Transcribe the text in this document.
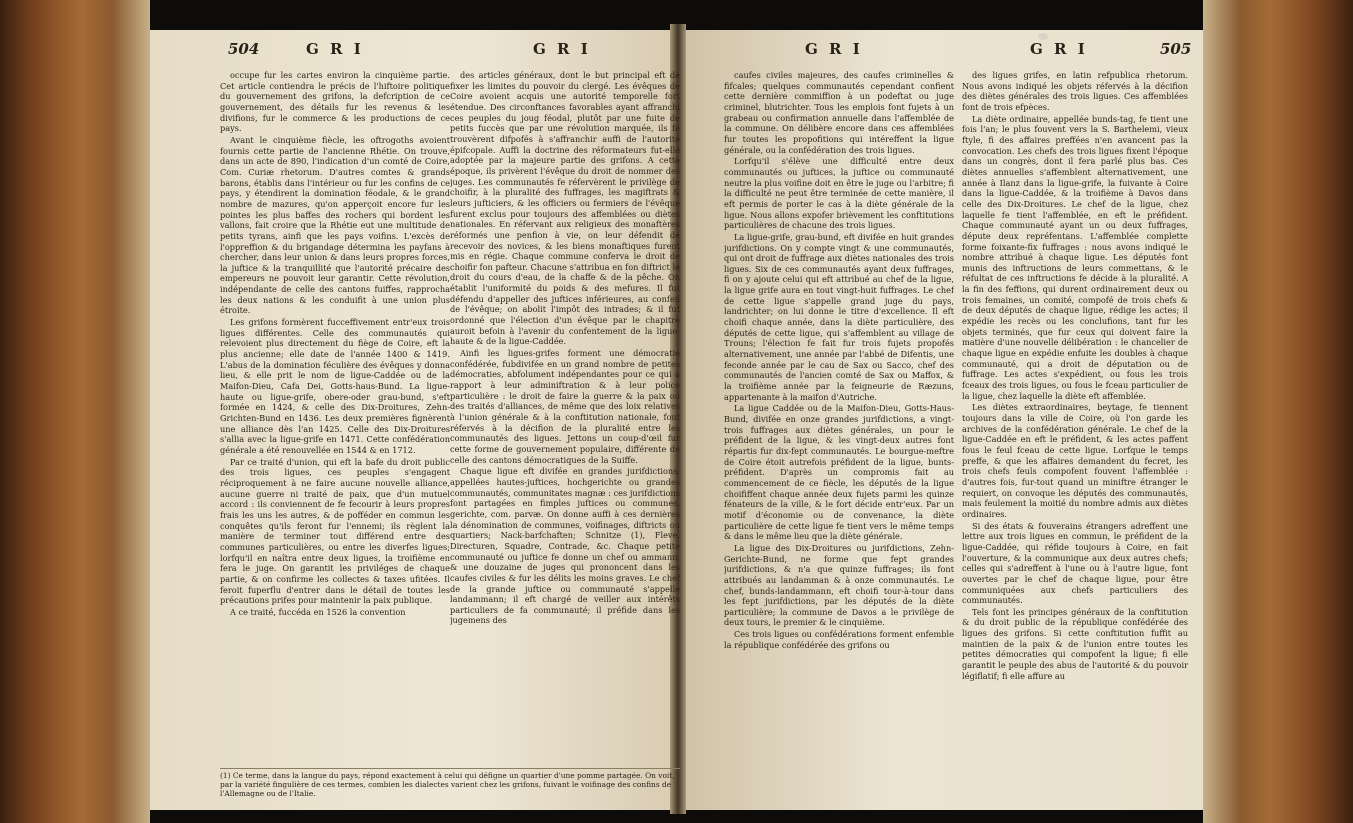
504	G R I	G R I	G R I	G R I	505

occupe fur les cartes environ la cinquième partie. Cet article contiendra le précis de l'hiftoire politique du gouvernement des grifons, la defcription de ce gouvernement, des détails fur les revenus & les divifions, fur le commerce & les productions de ce pays.

Avant le cinquième fiècle, les oftrogoths avoient fournis cette partie de l'ancienne Rhétie. On trouve, dans un acte de 890, l'indication d'un comté de Coire, Com. Curiæ rhetorum. D'autres comtes & grands barons, établis dans l'intérieur ou fur les confins de ce pays, y étendirent la domination féodale, & le grand nombre de mazures, qu'on apperçoit encore fur les pointes les plus baffes des rochers qui bordent les vallons, fait croire que la Rhétie eut une multitude de petits tyrans, ainfi que les pays voifins. L'excès de l'oppreffion & du brigandage détermina les payfans à chercher, dans leur union & dans leurs propres forces, la juftice & la tranquillité que l'autorité précaire des empereurs ne pouvoit leur garantir. Cette révolution, indépendante de celle des cantons fuiffes, rapprocha les deux nations & les conduifit à une union plus étroite.

Les grifons formèrent fucceffivement entr'eux trois ligues différentes. Celle des communautés qui relevoient plus directement du fiège de Coire, eft la plus ancienne; elle date de l'année 1400 & 1419. L'abus de la domination féculière des évêques y donna lieu, & elle prit le nom de ligue-Caddée ou de la Maifon-Dieu, Cafa Dei, Gotts-haus-Bund. La ligue-haute ou ligue-grife, obere-oder grau-bund, s'eft formée en 1424, & celle des Dix-Droitures, Zehn-Grichten-Bund en 1436. Les deux premières fignèrent une alliance dès l'an 1425. Celle des Dix-Droitures s'allia avec la ligue-grife en 1471. Cette confédération générale a été renouvellée en 1544 & en 1712.

Par ce traité d'union, qui eft la bafe du droit public des trois ligues, ces peuples s'engagent réciproquement à ne faire aucune nouvelle alliance, aucune guerre ni traité de paix, que d'un mutuel accord : ils conviennent de fe fecourir à leurs propres frais les uns les autres, & de pofféder en commun les conquêtes qu'ils feront fur l'ennemi; ils règlent la manière de terminer tout différend entre des communes particulières, ou entre les diverfes ligues; lorfqu'il en naîtra entre deux ligues, la troifième en fera le juge. On garantit les priviléges de chaque partie, & on confirme les collectes & taxes ufitées. Il feroit fuperflu d'entrer dans le détail de toutes les précautions prifes pour maintenir la paix publique.

A ce traité, fuccéda en 1526 la convention

des articles généraux, dont le but principal eft de fixer les limites du pouvoir du clergé. Les évêques de Coire avoient acquis une autorité temporelle fort étendue. Des circonftances favorables ayant affranchi ces peuples du joug féodal, plutôt par une fuite de petits fuccès que par une révolution marquée, ils fe trouvèrent difpofés à s'affranchir auffi de l'autorité épifcopale. Auffi la doctrine des réformateurs fut-elle adoptée par la majeure partie des grifons. A cette époque, ils privèrent l'évêque du droit de nommer des juges. Les communautés fe réfervèrent le privilège de choifir, à la pluralité des fuffrages, les magiftrats & leurs jufticiers, & les officiers ou fermiers de l'évêque furent exclus pour toujours des affemblées ou diètes nationales. En réfervant aux religieux des monaftères réformés une penfion à vie, on leur défendit de recevoir des novices, & les biens monaftiques furent mis en régie. Chaque commune conferva le droit de choifir fon pafteur. Chacune s'attribua en fon diftrict le droit du cours d'eau, de la chaffe & de la pêche. On établit l'uniformité du poids & des mefures. Il fut défendu d'appeller des juftices inférieures, au confeil de l'évêque; on abolit l'impôt des intrades; & il fut ordonné que l'élection d'un évêque par le chapitre auroit befoin à l'avenir du confentement de la ligue-haute & de la ligue-Caddée.

Ainfi les ligues-grifes forment une démocratie confédérée, fubdivifée en un grand nombre de petites démocraties, abfolument indépendantes pour ce qui a rapport à leur adminiftration & à leur police particulière : le droit de faire la guerre & la paix ou des traités d'alliances, de même que des loix relatives à l'union générale & à la conftitution nationale, font réfervés à la décifion de la pluralité entre les communautés des ligues. Jettons un coup-d'œil fur cette forme de gouvernement populaire, différente de celle des cantons démocratiques de la Suiffe.

Chaque ligue eft divifée en grandes jurifdictions, appellées hautes-juftices, hochgerichte ou grandes communautés, communitates magnæ : ces jurifdictions font partagées en fimples juftices ou communes, gerichte, com. parvæ. On donne auffi à ces dernières la dénomination de communes, voifinages, diftricts ou quartiers; Nack-barfchaften; Schnitze (1), Fleve, Directuren, Squadre, Contrade, &c. Chaque petite communauté ou juftice fe donne un chef ou ammann, & une douzaine de juges qui prononcent dans les caufes civiles & fur les délits les moins graves. Le chef de la grande juftice ou communauté s'appelle landammann; il eft chargé de veiller aux intérêts particuliers de fa communauté; il préfide dans les jugemens des

(1) Ce terme, dans la langue du pays, répond exactement à celui qui défigne un quartier d'une pomme partagée. On voit, par la variété fingulière de ces termes, combien les dialectes varient chez les grifons, fuivant le voifinage des confins de l'Allemagne ou de l'Italie.

caufes civiles majeures, des caufes criminelles & fifcales; quelques communautés cependant confient cette dernière commiffion à un podeftat ou juge criminel, blutrichter. Tous les emplois font fujets à un grabeau ou confirmation annuelle dans l'affemblée de la commune. On délibère encore dans ces affemblées fur toutes les propofitions qui intéreffent la ligue générale, ou la confédération des trois ligues.

Lorfqu'il s'élève une difficulté entre deux communautés ou juftices, la juftice ou communauté neutre la plus voifine doit en être le juge ou l'arbitre; fi la difficulté ne peut être terminée de cette manière, il eft permis de porter le cas à la diète générale de la ligue. Nous allons expofer brièvement les conftitutions particulières de chacune des trois ligues.

La ligue-grife, grau-bund, eft divifée en huit grandes jurifdictions. On y compte vingt & une communautés, qui ont droit de fuffrage aux diètes nationales des trois ligues. Six de ces communautés ayant deux fuffrages, fi on y ajoute celui qui eft attribué au chef de la ligue, la ligue grife aura en tout vingt-huit fuffrages. Le chef de cette ligue s'appelle grand juge du pays, landrichter; on lui donne le titre d'excellence. Il eft choifi chaque année, dans la diète particulière, des députés de cette ligue, qui s'affemblent au village de Trouns; l'élection fe fait fur trois fujets propofés alternativement, une année par l'abbé de Difentis, une feconde année par le cau de Sax ou Sacco, chef des communautés de l'ancien comté de Sax ou Maffox, & la troifième année par la feigneurie de Ræzuns, appartenante à la maifon d'Autriche.

La ligue Caddée ou de la Maifon-Dieu, Gotts-Haus-Bund, divifée en onze grandes jurifdictions, a vingt-trois fuffrages aux diètes générales, un pour le préfident de la ligue, & les vingt-deux autres font répartis fur dix-fept communautés. Le bourgue-meftre de Coire étoit autrefois préfident de la ligue, bunts-préfident. D'après un compromis fait au commencement de ce fiècle, les députés de la ligue choififfent chaque année deux fujets parmi les quinze fénateurs de la ville, & le fort décide entr'eux. Par un motif d'économie ou de convenance, la diète particulière de cette ligue fe tient vers le même temps & dans le même lieu que la diète générale.

La ligue des Dix-Droitures ou jurifdictions, Zehn-Gerichte-Bund, ne forme que fept grandes jurifdictions, & n'a que quinze fuffrages; ils font attribués au landamman & à onze communautés. Le chef, bunds-landammann, eft choifi tour-à-tour dans les fept jurifdictions, par les députés de la diète particulière; la commune de Davos a le privilège de deux tours, le premier & le cinquième.

Ces trois ligues ou confédérations forment enfemble la république confédérée des grifons ou

des ligues grifes, en latin refpublica rhetorum. Nous avons indiqué les objets réfervés à la décifion des diètes générales des trois ligues. Ces affemblées font de trois efpèces.

La diète ordinaire, appellée bunds-tag, fe tient une fois l'an; le plus fouvent vers la S. Barthelemi, vieux ftyle, fi des affaires preffées n'en avancent pas la convocation. Les chefs des trois ligues fixent l'époque dans un congrès, dont il fera parlé plus bas. Ces diètes annuelles s'affemblent alternativement, une année à Ilanz dans la ligue-grife, la fuivante à Coire dans la ligue-Caddée, & la troifième à Davos dans celle des Dix-Droitures. Le chef de la ligue, chez laquelle fe tient l'affemblée, en eft le préfident. Chaque communauté ayant un ou deux fuffrages, députe deux repréfentans. L'affemblée complette forme foixante-fix fuffrages : nous avons indiqué le nombre attribué à chaque ligue. Les députés font munis des inftructions de leurs commettans, & le réfultat de ces inftructions fe décide à la pluralité. A la fin des feffions, qui durent ordinairement deux ou trois femaines, un comité, compofé de trois chefs & de deux députés de chaque ligue, rédige les actes; il expédie les recès ou les conclufions, tant fur les objets terminés, que fur ceux qui doivent faire la matière d'une nouvelle délibération : le chancelier de chaque ligue en expédie enfuite les doubles à chaque communauté, qui a droit de députation ou de fuffrage. Les actes s'expédient, ou fous les trois fceaux des trois ligues, ou fous le fceau particulier de la ligue, chez laquelle la diète eft affemblée.

Les diètes extraordinaires, beytage, fe tiennent toujours dans la ville de Coire, où l'on garde les archives de la confédération générale. Le chef de la ligue-Caddée en eft le préfident, & les actes paffent fous le feul fceau de cette ligue. Lorfque le temps preffe, & que les affaires demandent du fecret, les trois chefs feuls compofent fouvent l'affemblée : d'autres fois, fur-tout quand un miniftre étranger le requiert, on convoque les députés des communautés, mais feulement la moitié du nombre admis aux diètes ordinaires.

Si des états & fouverains étrangers adreffent une lettre aux trois ligues en commun, le préfident de la ligue-Caddée, qui réfide toujours à Coire, en fait l'ouverture, & la communique aux deux autres chefs; celles qui s'adreffent à l'une ou à l'autre ligue, font ouvertes par le chef de chaque ligue, pour être communiquées aux chefs particuliers des communautés.

Tels font les principes généraux de la conftitution & du droit public de la république confédérée des ligues des grifons. Si cette conftitution fuffit au maintien de la paix & de l'union entre toutes les petites démocraties qui compofent la ligue; fi elle garantit le peuple des abus de l'autorité & du pouvoir légiflatif; fi elle affure au
